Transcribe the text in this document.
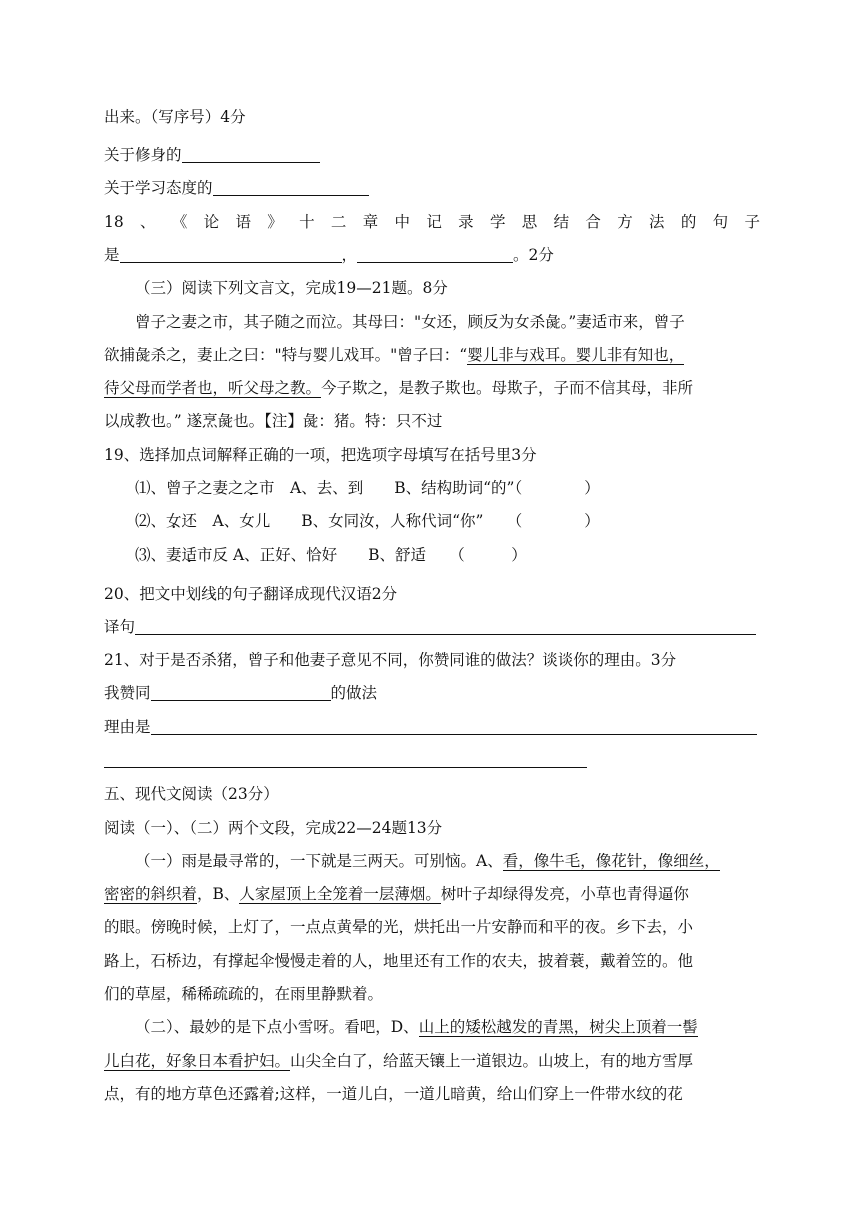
出来。（写序号）4分
关于修身的
关于学习态度的
18 、 《 论 语 》 十 二 章 中 记 录 学 思 结 合 方 法 的 句 子
是	，	。2分
（三）阅读下列文言文，完成19—21题。8分
曾子之妻之市，其子随之而泣。其母曰："女还，顾反为女杀彘。”妻适市来，曾子
欲捕彘杀之，妻止之曰："特与婴儿戏耳。"曾子曰：“婴儿非与戏耳。婴儿非有知也，
待父母而学者也，听父母之教。今子欺之，是教子欺也。母欺子，子而不信其母，非所
以成教也。” 遂烹彘也。【注】彘：猪。特：只不过
19、选择加点词解释正确的一项，把选项字母填写在括号里3分
⑴、曾子之妻之之市　A、去、到　　B、结构助词“的”（　　　　）
⑵、女还　A、女儿　　B、女同汝，人称代词“你”　　（　　　　）
⑶、妻适市反 A、正好、恰好　　B、舒适　　（　　　）
20、把文中划线的句子翻译成现代汉语2分
译句
21、对于是否杀猪，曾子和他妻子意见不同，你赞同谁的做法？谈谈你的理由。3分
我赞同	的做法
理由是
五、现代文阅读（23分）
阅读（一）、（二）两个文段，完成22—24题13分
（一）雨是最寻常的，一下就是三两天。可别恼。A、看，像牛毛，像花针，像细丝，
密密的斜织着，B、人家屋顶上全笼着一层薄烟。树叶子却绿得发亮，小草也青得逼你
的眼。傍晚时候，上灯了，一点点黄晕的光，烘托出一片安静而和平的夜。乡下去，小
路上，石桥边，有撑起伞慢慢走着的人，地里还有工作的农夫，披着蓑，戴着笠的。他
们的草屋，稀稀疏疏的，在雨里静默着。
（二）、最妙的是下点小雪呀。看吧，D、山上的矮松越发的青黑，树尖上顶着一髻
儿白花，好象日本看护妇。山尖全白了，给蓝天镶上一道银边。山坡上，有的地方雪厚
点，有的地方草色还露着;这样，一道儿白，一道儿暗黄，给山们穿上一件带水纹的花
